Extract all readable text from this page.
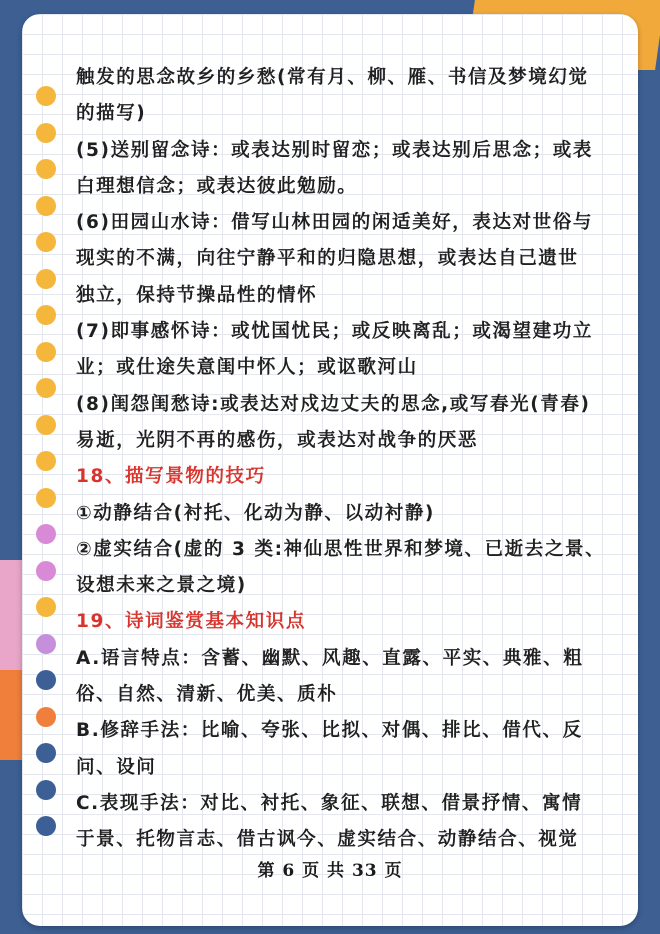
触发的思念故乡的乡愁(常有月、柳、雁、书信及梦境幻觉
的描写)
(5)送别留念诗：或表达别时留恋；或表达别后思念；或表
白理想信念；或表达彼此勉励。
(6)田园山水诗：借写山林田园的闲适美好，表达对世俗与
现实的不满，向往宁静平和的归隐思想，或表达自己遗世
独立，保持节操品性的情怀
(7)即事感怀诗：或忧国忧民；或反映离乱；或渴望建功立
业；或仕途失意闺中怀人；或讴歌河山
(8)闺怨闺愁诗:或表达对戍边丈夫的思念,或写春光(青春)
易逝，光阴不再的感伤，或表达对战争的厌恶
18、描写景物的技巧
①动静结合(衬托、化动为静、以动衬静)
②虚实结合(虚的 3 类:神仙思性世界和梦境、已逝去之景、
设想未来之景之境)
19、诗词鉴赏基本知识点
A.语言特点：含蓄、幽默、风趣、直露、平实、典雅、粗
俗、自然、清新、优美、质朴
B.修辞手法：比喻、夸张、比拟、对偶、排比、借代、反
问、设问
C.表现手法：对比、衬托、象征、联想、借景抒情、寓情
于景、托物言志、借古讽今、虚实结合、动静结合、视觉
第 6 页 共 33 页
